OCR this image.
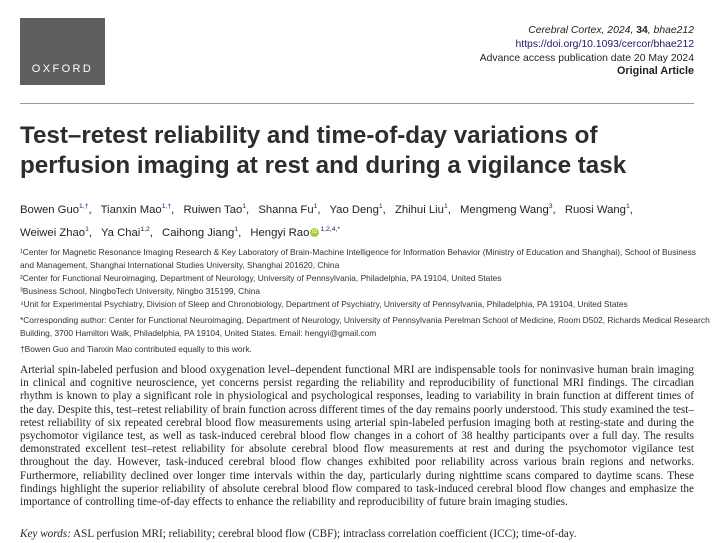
OXFORD
Cerebral Cortex, 2024, 34, bhae212
https://doi.org/10.1093/cercor/bhae212
Advance access publication date 20 May 2024
Original Article
Test–retest reliability and time-of-day variations of perfusion imaging at rest and during a vigilance task
Bowen Guo$^{1,\dagger}$, Tianxin Mao$^{1,\dagger}$, Ruiwen Tao$^1$, Shanna Fu$^1$, Yao Deng$^1$, Zhihui Liu$^1$, Mengmeng Wang$^3$, Ruosi Wang$^1$, Weiwei Zhao$^1$, Ya Chai$^{1,2}$, Caihong Jiang$^1$, Hengyi Rao iD $^{1,2,4,*}$

¹Center for Magnetic Resonance Imaging Research & Key Laboratory of Brain-Machine Intelligence for Information Behavior (Ministry of Education and Shanghai), School of Business and Management, Shanghai International Studies University, Shanghai 201620, China

²Center for Functional Neuroimaging, Department of Neurology, University of Pennsylvania, Philadelphia, PA 19104, United States

³Business School, NingboTech University, Ningbo 315199, China

⁴Unit for Experimental Psychiatry, Division of Sleep and Chronobiology, Department of Psychiatry, University of Pennsylvania, Philadelphia, PA 19104, United States

*Corresponding author: Center for Functional Neuroimaging, Department of Neurology, University of Pennsylvania Perelman School of Medicine, Room D502, Richards Medical Research Building, 3700 Hamilton Walk, Philadelphia, PA 19104, United States. Email: hengyi@gmail.com

†Bowen Guo and Tianxin Mao contributed equally to this work.

Arterial spin-labeled perfusion and blood oxygenation level–dependent functional MRI are indispensable tools for noninvasive human brain imaging in clinical and cognitive neuroscience, yet concerns persist regarding the reliability and reproducibility of functional MRI findings. The circadian rhythm is known to play a significant role in physiological and psychological responses, leading to variability in brain function at different times of the day. Despite this, test–retest reliability of brain function across different times of the day remains poorly understood. This study examined the test–retest reliability of six repeated cerebral blood flow measurements using arterial spin-labeled perfusion imaging both at resting-state and during the psychomotor vigilance test, as well as task-induced cerebral blood flow changes in a cohort of 38 healthy participants over a full day. The results demonstrated excellent test–retest reliability for absolute cerebral blood flow measurements at rest and during the psychomotor vigilance test throughout the day. However, task-induced cerebral blood flow changes exhibited poor reliability across various brain regions and networks. Furthermore, reliability declined over longer time intervals within the day, particularly during nighttime scans compared to daytime scans. These findings highlight the superior reliability of absolute cerebral blood flow compared to task-induced cerebral blood flow changes and emphasize the importance of controlling time-of-day effects to enhance the reliability and reproducibility of future brain imaging studies.

Key words: ASL perfusion MRI; reliability; cerebral blood flow (CBF); intraclass correlation coefficient (ICC); time-of-day.
